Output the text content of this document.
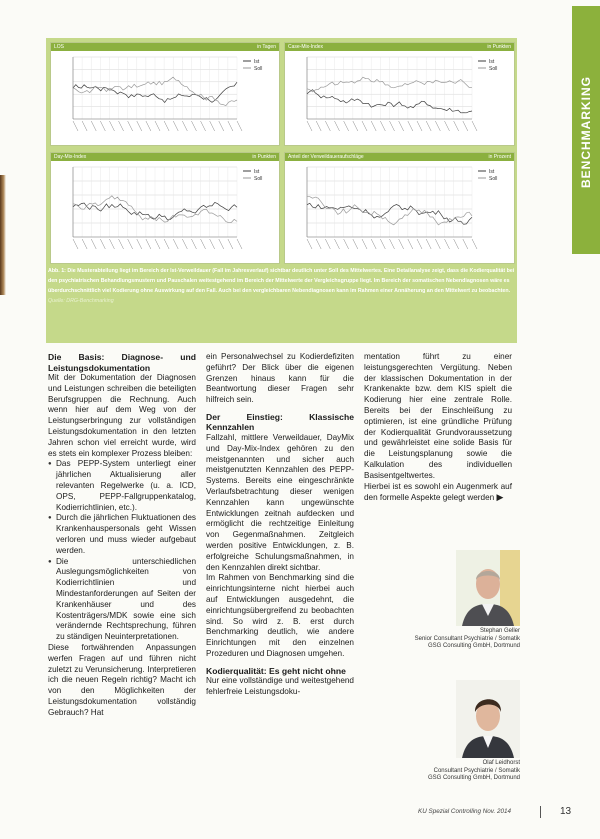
LOS	in Tagen
Ist
Soll
Case-Mix-Index	in Punkten
Ist
Soll
Day-Mix-Index	in Punkten
Ist
Soll
Anteil der Verweildaueraufschläge	in Prozent
Ist
Soll
Abb. 1: Die Musterabteilung liegt im Bereich der Ist-Verweildauer (Fall im Jahresverlauf) sichtbar deutlich unter Soll des Mittelwertes. Eine Detailanalyse zeigt, dass die Kodierqualität bei den psychiatrischen Behandlungsmustern und Pauschalen weitestgehend im Bereich der Mittelwerte der Vergleichsgruppe liegt. Im Bereich der somatischen Nebendiagnosen wäre es überdurchschnittlich viel Kodierung ohne Auswirkung auf den Fall. Auch bei den vergleichbaren Nebendiagnosen kann im Rahmen einer Annäherung an den Mittelwert zu beobachten. Quelle: DRG-Benchmarking
BENCHMARKING
Die Basis: Diagnose- und Leistungsdokumentation

Mit der Dokumentation der Diagnosen und Leistungen schreiben die beteiligten Berufsgruppen die Rechnung. Auch wenn hier auf dem Weg von der Leistungserbringung zur vollständigen Leistungsdokumentation in den letzten Jahren schon viel erreicht wurde, wird es stets ein komplexer Prozess bleiben:

● Das PEPP-System unterliegt einer jährlichen Aktualisierung aller relevanten Regelwerke (u. a. ICD, OPS, PEPP-Fallgruppenkatalog, Kodierrichtlinien, etc.).
● Durch die jährlichen Fluktuationen des Krankenhauspersonals geht Wissen verloren und muss wieder aufgebaut werden.
● Die unterschiedlichen Auslegungsmöglichkeiten von Kodierrichtlinien und Mindestanforderungen auf Seiten der Krankenhäuser und des Kostenträgers/MDK sowie eine sich verändernde Rechtsprechung, führen zu ständigen Neuinterpretationen.

Diese fortwährenden Anpassungen werfen Fragen auf und führen nicht zuletzt zu Verunsicherung. Interpretieren ich die neuen Regeln richtig? Macht ich von den Möglichkeiten der Leistungsdokumentation vollständig Gebrauch? Hat

ein Personalwechsel zu Kodierdefiziten geführt? Der Blick über die eigenen Grenzen hinaus kann für die Beantwortung dieser Fragen sehr hilfreich sein.

Der Einstieg: Klassische Kennzahlen

Fallzahl, mittlere Verweildauer, DayMix und Day-Mix-Index gehören zu den meistgenannten und sicher auch meistgenutzten Kennzahlen des PEPP-Systems. Bereits eine eingeschränkte Verlaufsbetrachtung dieser wenigen Kennzahlen kann ungewünschte Entwicklungen zeitnah aufdecken und ermöglicht die rechtzeitige Einleitung von Gegenmaßnahmen. Zeitgleich werden positive Entwicklungen, z. B. erfolgreiche Schulungsmaßnahmen, in den Kennzahlen direkt sichtbar.

Im Rahmen von Benchmarking sind die einrichtungsinterne nicht hierbei auch auf Entwicklungen ausgedehnt, die einrichtungsübergreifend zu beobachten sind. So wird z. B. erst durch Benchmarking deutlich, wie andere Einrichtungen mit den einzelnen Prozeduren und Diagnosen umgehen.

Kodierqualität: Es geht nicht ohne

Nur eine vollständige und weitestgehend fehlerfreie Leistungsdoku-

mentation führt zu einer leistungsgerechten Vergütung. Neben der klassischen Dokumentation in der Krankenakte bzw. dem KIS spielt die Kodierung hier eine zentrale Rolle. Bereits bei der Einschleißung zu optimieren, ist eine gründliche Prüfung der Kodierqualität Grundvoraussetzung und gewährleistet eine solide Basis für die Leistungsplanung sowie die Kalkulation des individuellen Basisentgeltwertes.

Hierbei ist es sowohl ein Augenmerk auf den formelle Aspekte gelegt werden ▶

Stephan Geller
Senior Consultant Psychiatrie / Somatik
GSG Consulting GmbH, Dortmund
Olaf Leidhorst
Consultant Psychiatrie / Somatik
GSG Consulting GmbH, Dortmund
KU Spezial Controlling Nov. 2014	13
